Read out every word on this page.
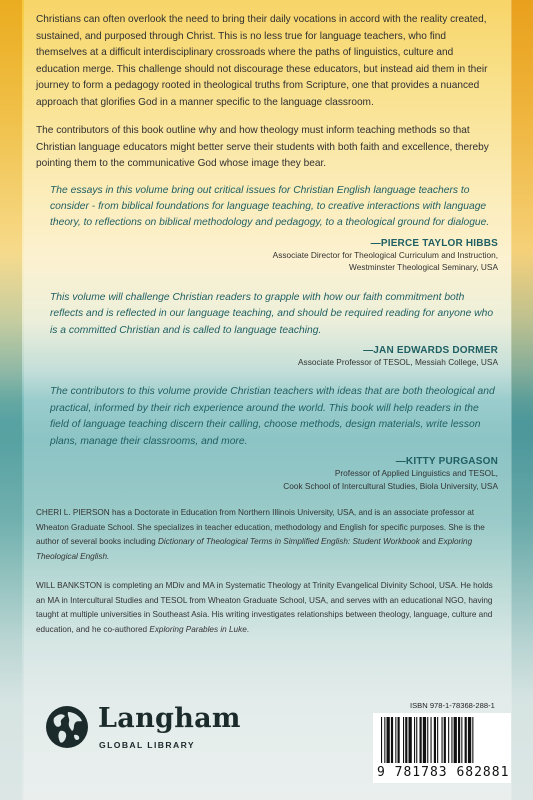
Christians can often overlook the need to bring their daily vocations in accord with the reality created, sustained, and purposed through Christ. This is no less true for language teachers, who find themselves at a difficult interdisciplinary crossroads where the paths of linguistics, culture and education merge. This challenge should not discourage these educators, but instead aid them in their journey to form a pedagogy rooted in theological truths from Scripture, one that provides a nuanced approach that glorifies God in a manner specific to the language classroom.

The contributors of this book outline why and how theology must inform teaching methods so that Christian language educators might better serve their students with both faith and excellence, thereby pointing them to the communicative God whose image they bear.

The essays in this volume bring out critical issues for Christian English language teachers to consider - from biblical foundations for language teaching, to creative interactions with language theory, to reflections on biblical methodology and pedagogy, to a theological ground for dialogue.

—PIERCE TAYLOR HIBBS
Associate Director for Theological Curriculum and Instruction,
Westminster Theological Seminary, USA

This volume will challenge Christian readers to grapple with how our faith commitment both reflects and is reflected in our language teaching, and should be required reading for anyone who is a committed Christian and is called to language teaching.

—JAN EDWARDS DORMER
Associate Professor of TESOL, Messiah College, USA

The contributors to this volume provide Christian teachers with ideas that are both theological and practical, informed by their rich experience around the world. This book will help readers in the field of language teaching discern their calling, choose methods, design materials, write lesson plans, manage their classrooms, and more.

—KITTY PURGASON
Professor of Applied Linguistics and TESOL,
Cook School of Intercultural Studies, Biola University, USA

CHERI L. PIERSON has a Doctorate in Education from Northern Illinois University, USA, and is an associate professor at Wheaton Graduate School. She specializes in teacher education, methodology and English for specific purposes. She is the author of several books including Dictionary of Theological Terms in Simplified English: Student Workbook and Exploring Theological English.

WILL BANKSTON is completing an MDiv and MA in Systematic Theology at Trinity Evangelical Divinity School, USA. He holds an MA in Intercultural Studies and TESOL from Wheaton Graduate School, USA, and serves with an educational NGO, having taught at multiple universities in Southeast Asia. His writing investigates relationships between theology, language, culture and education, and he co-authored Exploring Parables in Luke.

Langham
GLOBAL LIBRARY
ISBN 978-1-78368-288-1
9 781783 682881
